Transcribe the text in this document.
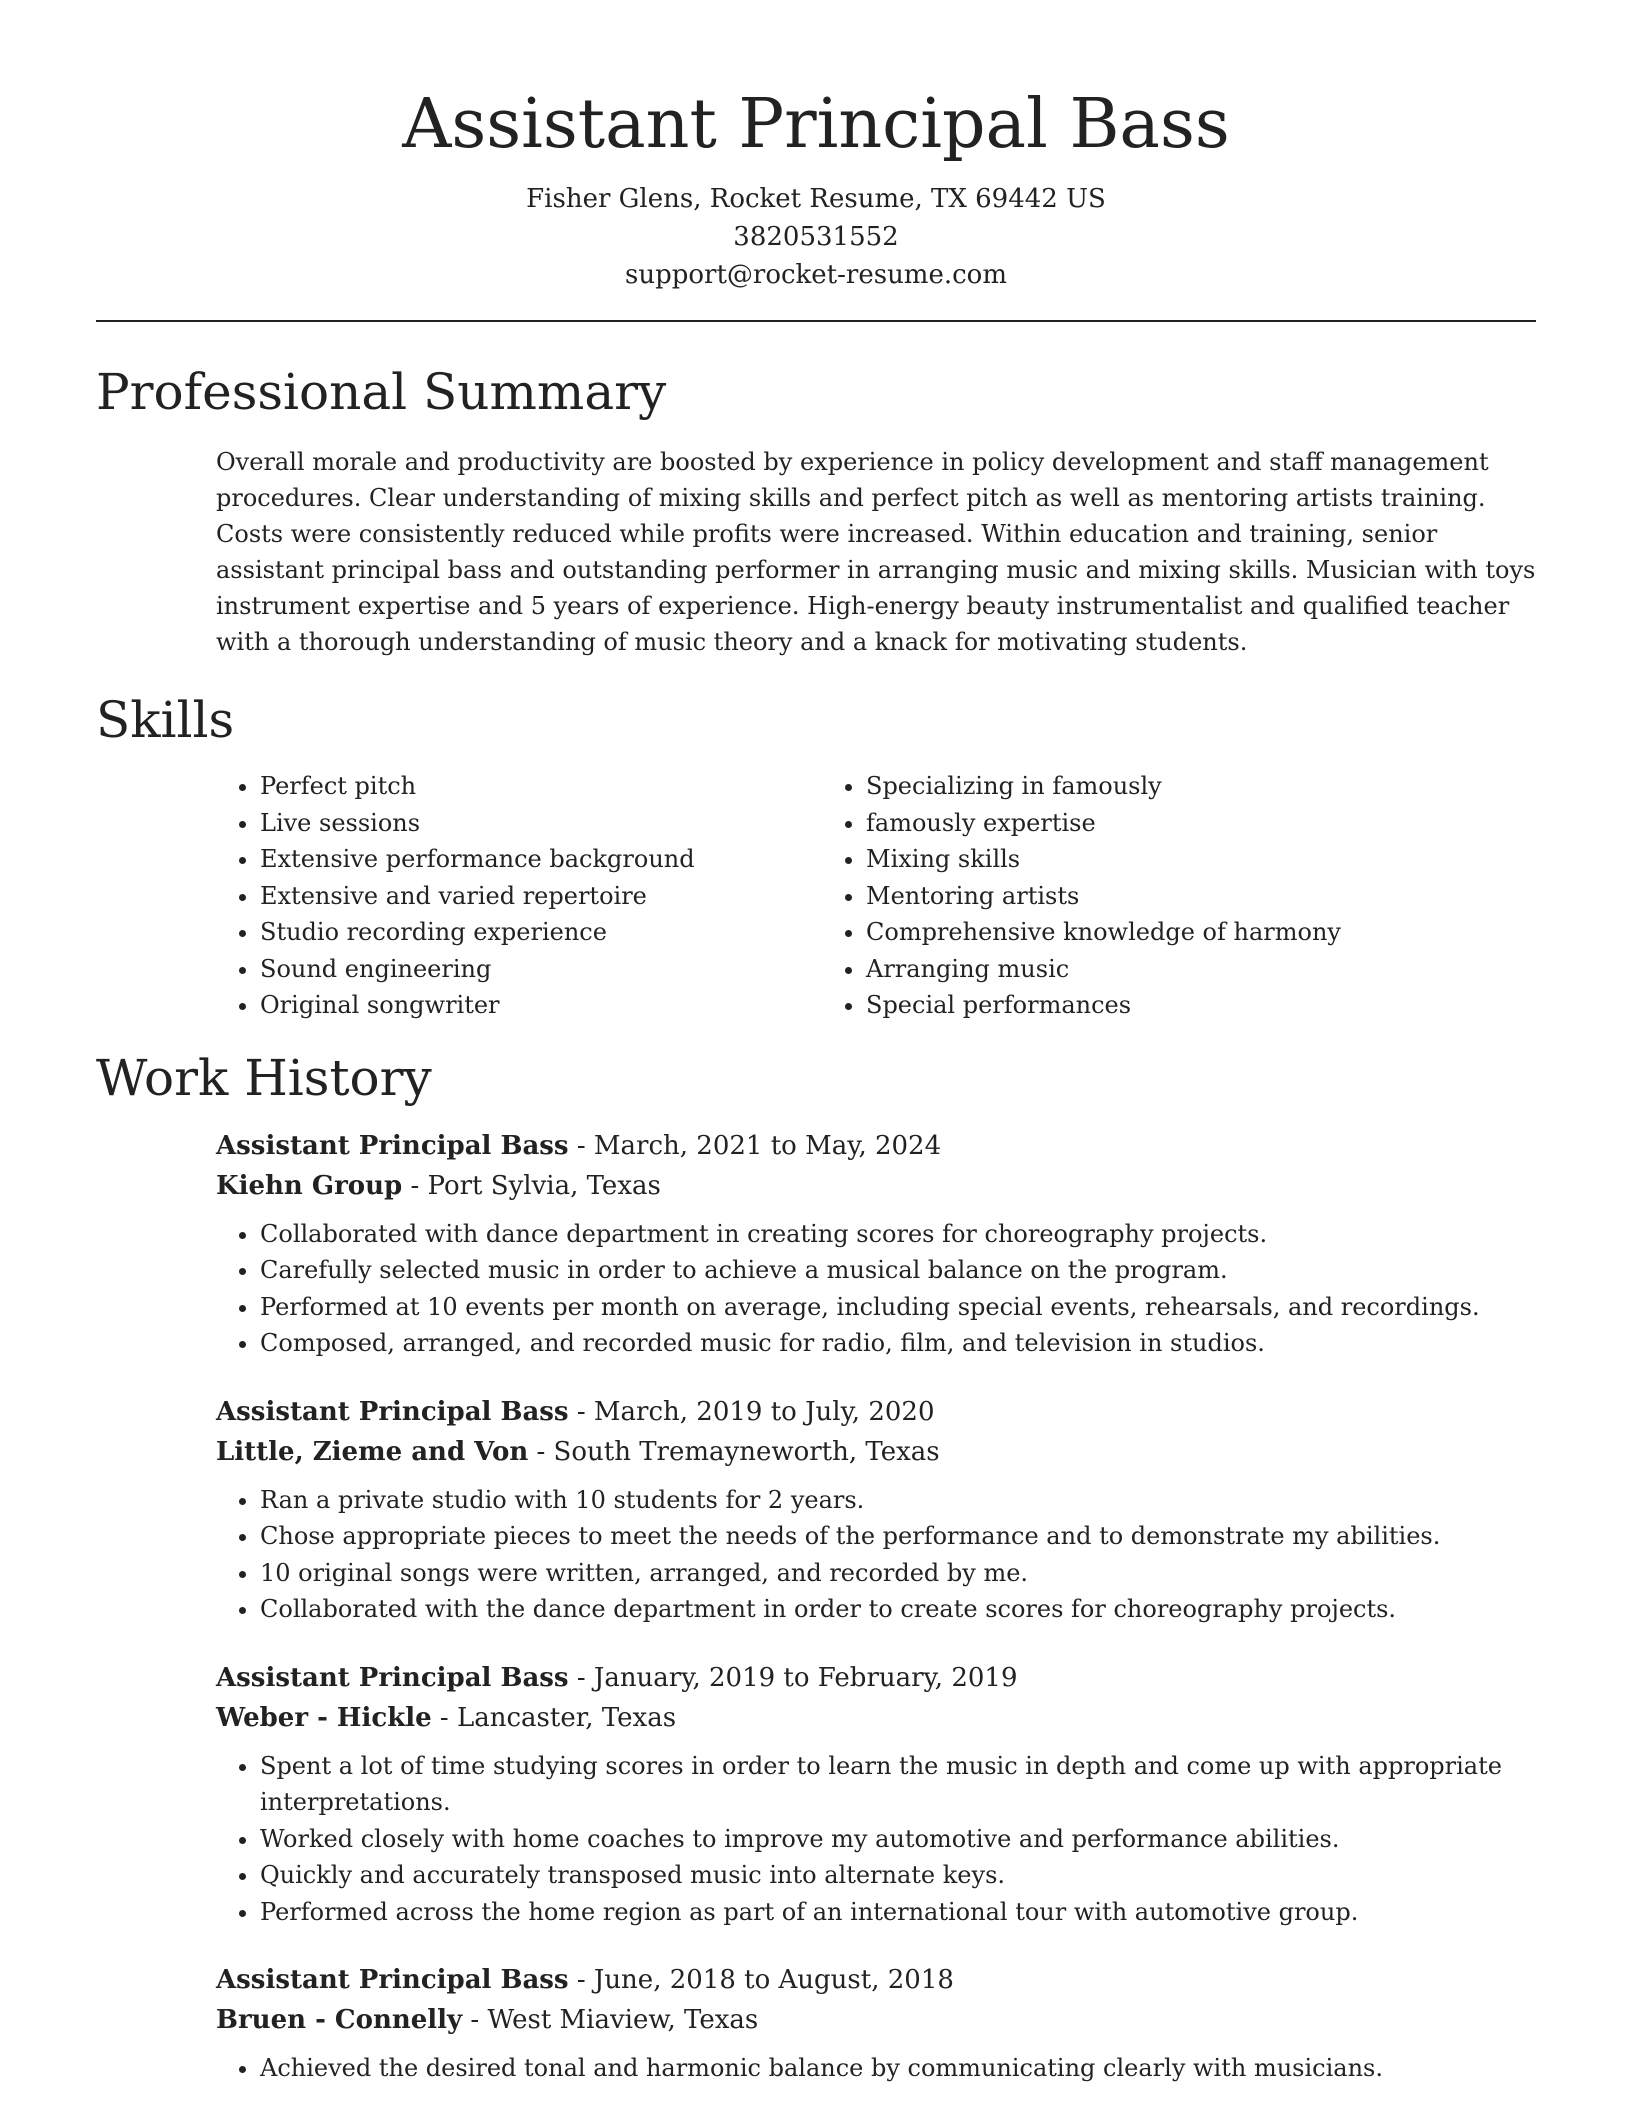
Assistant Principal Bass

Fisher Glens, Rocket Resume, TX 69442 US

3820531552

support@rocket-resume.com

Professional Summary

Overall morale and productivity are boosted by experience in policy development and staff management procedures. Clear understanding of mixing skills and perfect pitch as well as mentoring artists training. Costs were consistently reduced while profits were increased. Within education and training, senior assistant principal bass and outstanding performer in arranging music and mixing skills. Musician with toys instrument expertise and 5 years of experience. High-energy beauty instrumentalist and qualified teacher with a thorough understanding of music theory and a knack for motivating students.

Skills
• Perfect pitch
• Live sessions
• Extensive performance background
• Extensive and varied repertoire
• Studio recording experience
• Sound engineering
• Original songwriter
• Specializing in famously
• famously expertise
• Mixing skills
• Mentoring artists
• Comprehensive knowledge of harmony
• Arranging music
• Special performances
Work History

Assistant Principal Bass - March, 2021 to May, 2024

Kiehn Group - Port Sylvia, Texas

• Collaborated with dance department in creating scores for choreography projects.
• Carefully selected music in order to achieve a musical balance on the program.
• Performed at 10 events per month on average, including special events, rehearsals, and recordings.
• Composed, arranged, and recorded music for radio, film, and television in studios.

Assistant Principal Bass - March, 2019 to July, 2020

Little, Zieme and Von - South Tremayneworth, Texas

• Ran a private studio with 10 students for 2 years.
• Chose appropriate pieces to meet the needs of the performance and to demonstrate my abilities.
• 10 original songs were written, arranged, and recorded by me.
• Collaborated with the dance department in order to create scores for choreography projects.

Assistant Principal Bass - January, 2019 to February, 2019

Weber - Hickle - Lancaster, Texas

• Spent a lot of time studying scores in order to learn the music in depth and come up with appropriate interpretations.
• Worked closely with home coaches to improve my automotive and performance abilities.
• Quickly and accurately transposed music into alternate keys.
• Performed across the home region as part of an international tour with automotive group.

Assistant Principal Bass - June, 2018 to August, 2018

Bruen - Connelly - West Miaview, Texas

• Achieved the desired tonal and harmonic balance by communicating clearly with musicians.
